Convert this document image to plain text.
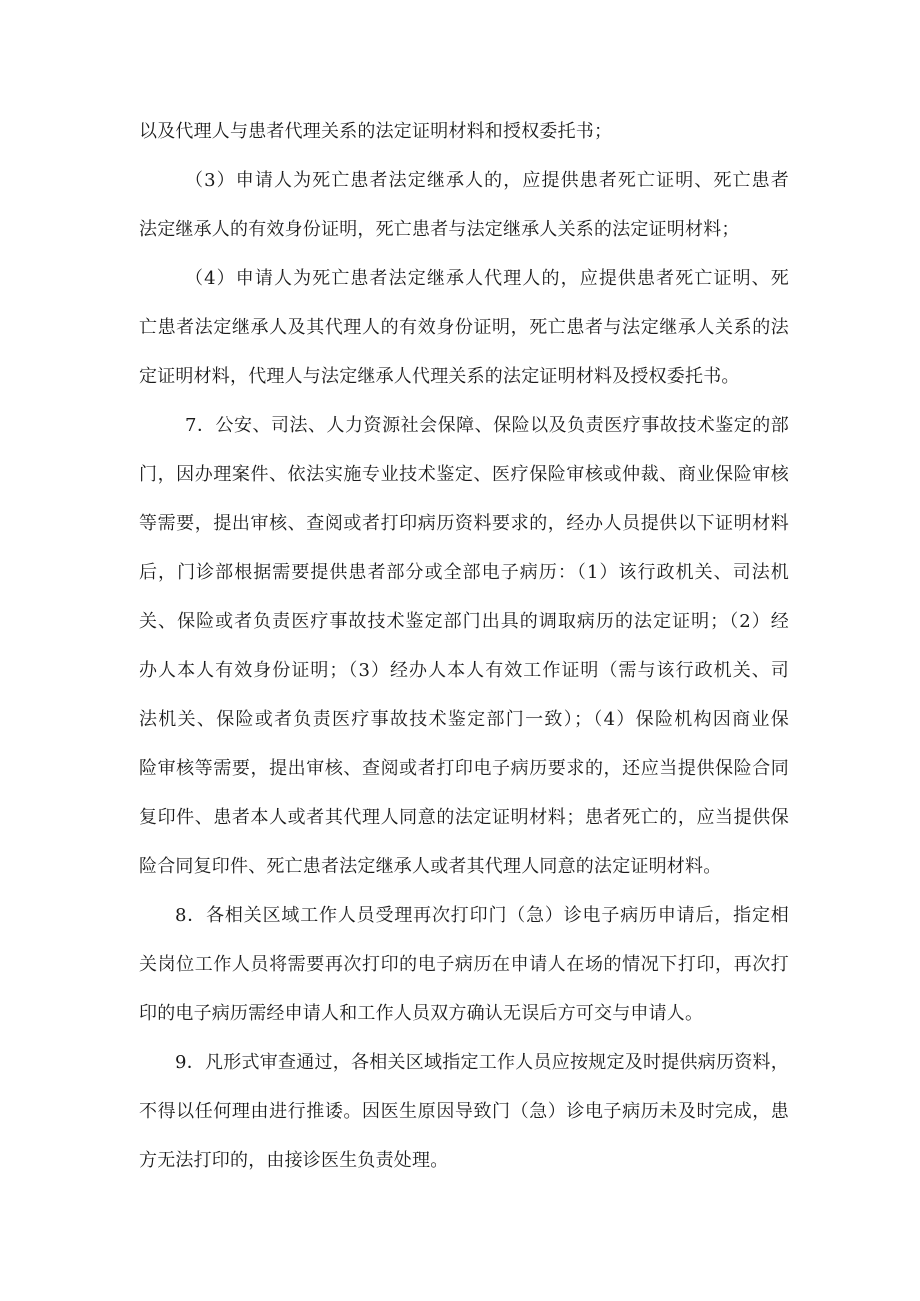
以及代理人与患者代理关系的法定证明材料和授权委托书；
（3）申请人为死亡患者法定继承人的，应提供患者死亡证明、死亡患者
法定继承人的有效身份证明，死亡患者与法定继承人关系的法定证明材料；
（4）申请人为死亡患者法定继承人代理人的，应提供患者死亡证明、死
亡患者法定继承人及其代理人的有效身份证明，死亡患者与法定继承人关系的法
定证明材料，代理人与法定继承人代理关系的法定证明材料及授权委托书。
7．公安、司法、人力资源社会保障、保险以及负责医疗事故技术鉴定的部
门，因办理案件、依法实施专业技术鉴定、医疗保险审核或仲裁、商业保险审核
等需要，提出审核、查阅或者打印病历资料要求的，经办人员提供以下证明材料
后，门诊部根据需要提供患者部分或全部电子病历：（1）该行政机关、司法机
关、保险或者负责医疗事故技术鉴定部门出具的调取病历的法定证明；（2）经
办人本人有效身份证明；（3）经办人本人有效工作证明（需与该行政机关、司
法机关、保险或者负责医疗事故技术鉴定部门一致）；（4）保险机构因商业保
险审核等需要，提出审核、查阅或者打印电子病历要求的，还应当提供保险合同
复印件、患者本人或者其代理人同意的法定证明材料；患者死亡的，应当提供保
险合同复印件、死亡患者法定继承人或者其代理人同意的法定证明材料。
8．各相关区域工作人员受理再次打印门（急）诊电子病历申请后，指定相
关岗位工作人员将需要再次打印的电子病历在申请人在场的情况下打印，再次打
印的电子病历需经申请人和工作人员双方确认无误后方可交与申请人。
9．凡形式审查通过，各相关区域指定工作人员应按规定及时提供病历资料，
不得以任何理由进行推诿。因医生原因导致门（急）诊电子病历未及时完成，患
方无法打印的，由接诊医生负责处理。
